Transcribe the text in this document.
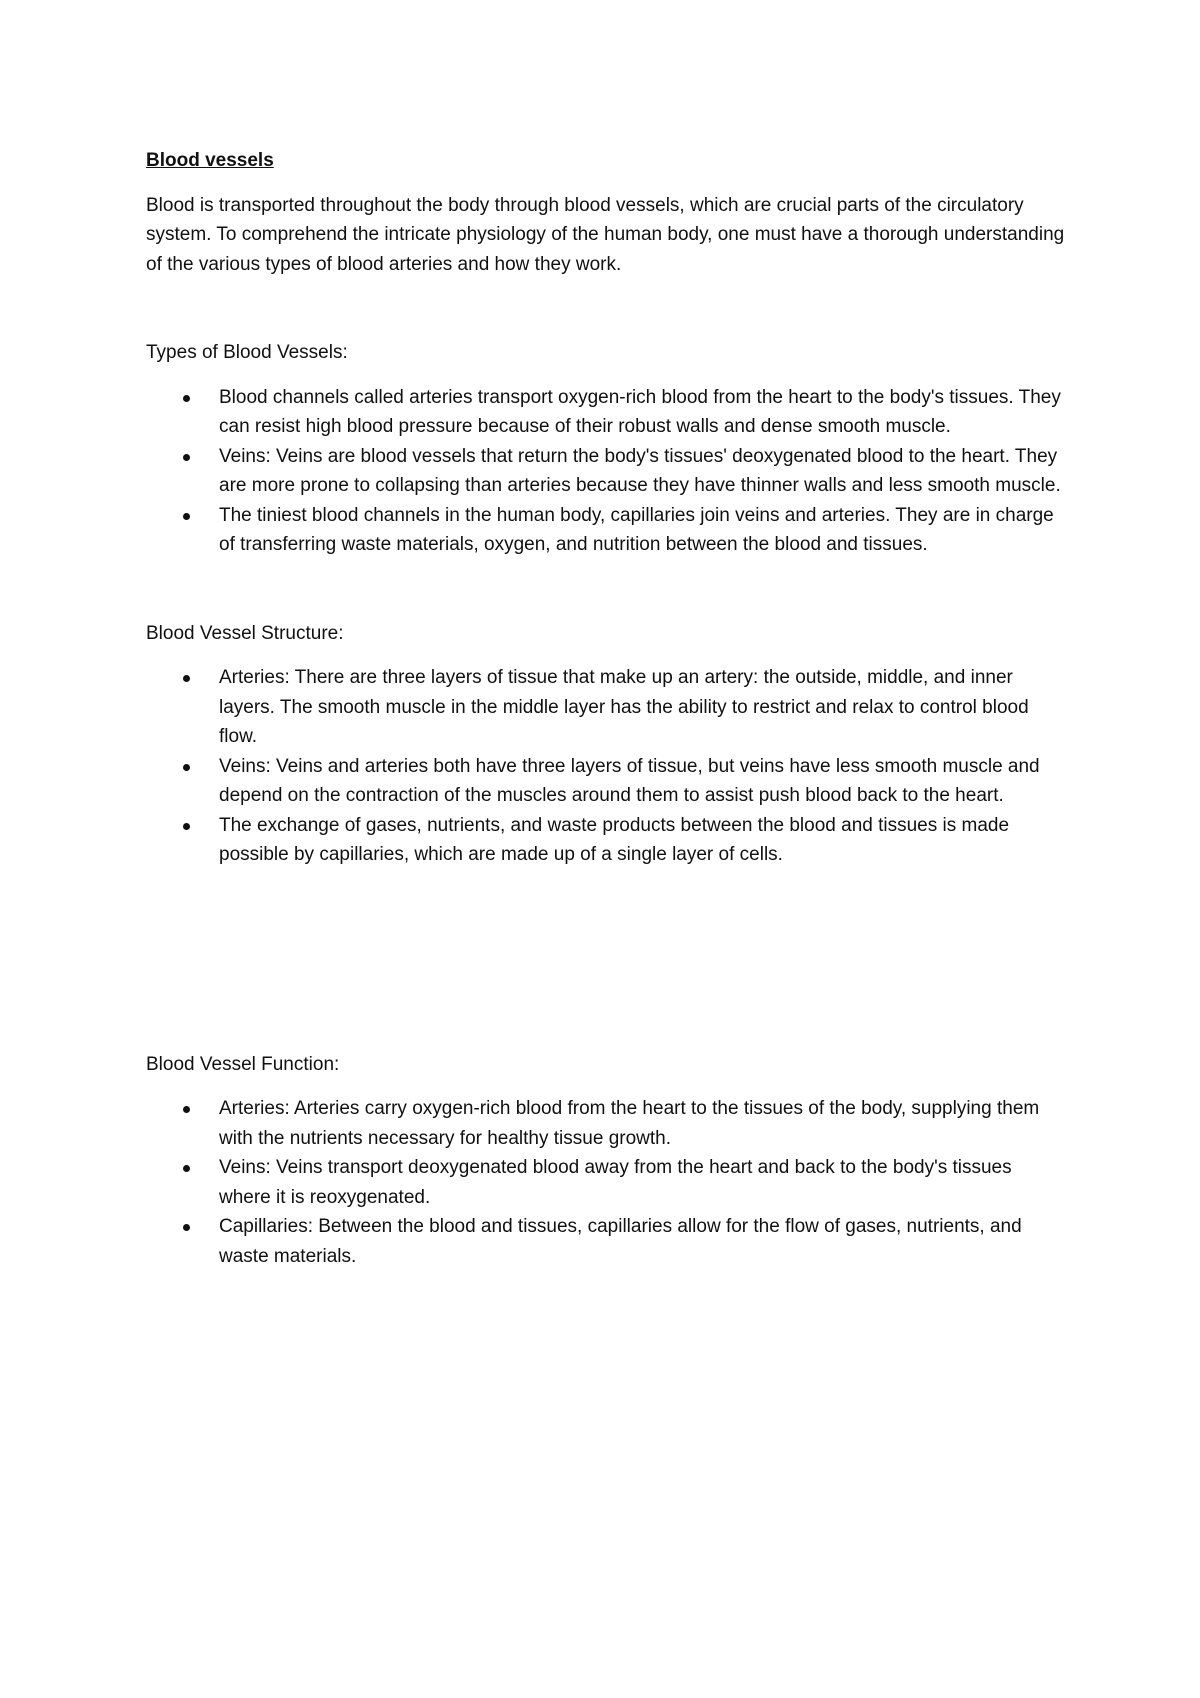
Blood vessels

Blood is transported throughout the body through blood vessels, which are crucial parts of the circulatory system. To comprehend the intricate physiology of the human body, one must have a thorough understanding of the various types of blood arteries and how they work.

Types of Blood Vessels:
Blood channels called arteries transport oxygen-rich blood from the heart to the body's tissues. They can resist high blood pressure because of their robust walls and dense smooth muscle.
Veins: Veins are blood vessels that return the body's tissues' deoxygenated blood to the heart. They are more prone to collapsing than arteries because they have thinner walls and less smooth muscle.
The tiniest blood channels in the human body, capillaries join veins and arteries. They are in charge of transferring waste materials, oxygen, and nutrition between the blood and tissues.
Blood Vessel Structure:
Arteries: There are three layers of tissue that make up an artery: the outside, middle, and inner layers. The smooth muscle in the middle layer has the ability to restrict and relax to control blood flow.
Veins: Veins and arteries both have three layers of tissue, but veins have less smooth muscle and depend on the contraction of the muscles around them to assist push blood back to the heart.
The exchange of gases, nutrients, and waste products between the blood and tissues is made possible by capillaries, which are made up of a single layer of cells.
Blood Vessel Function:
Arteries: Arteries carry oxygen-rich blood from the heart to the tissues of the body, supplying them with the nutrients necessary for healthy tissue growth.
Veins: Veins transport deoxygenated blood away from the heart and back to the body's tissues where it is reoxygenated.
Capillaries: Between the blood and tissues, capillaries allow for the flow of gases, nutrients, and waste materials.
